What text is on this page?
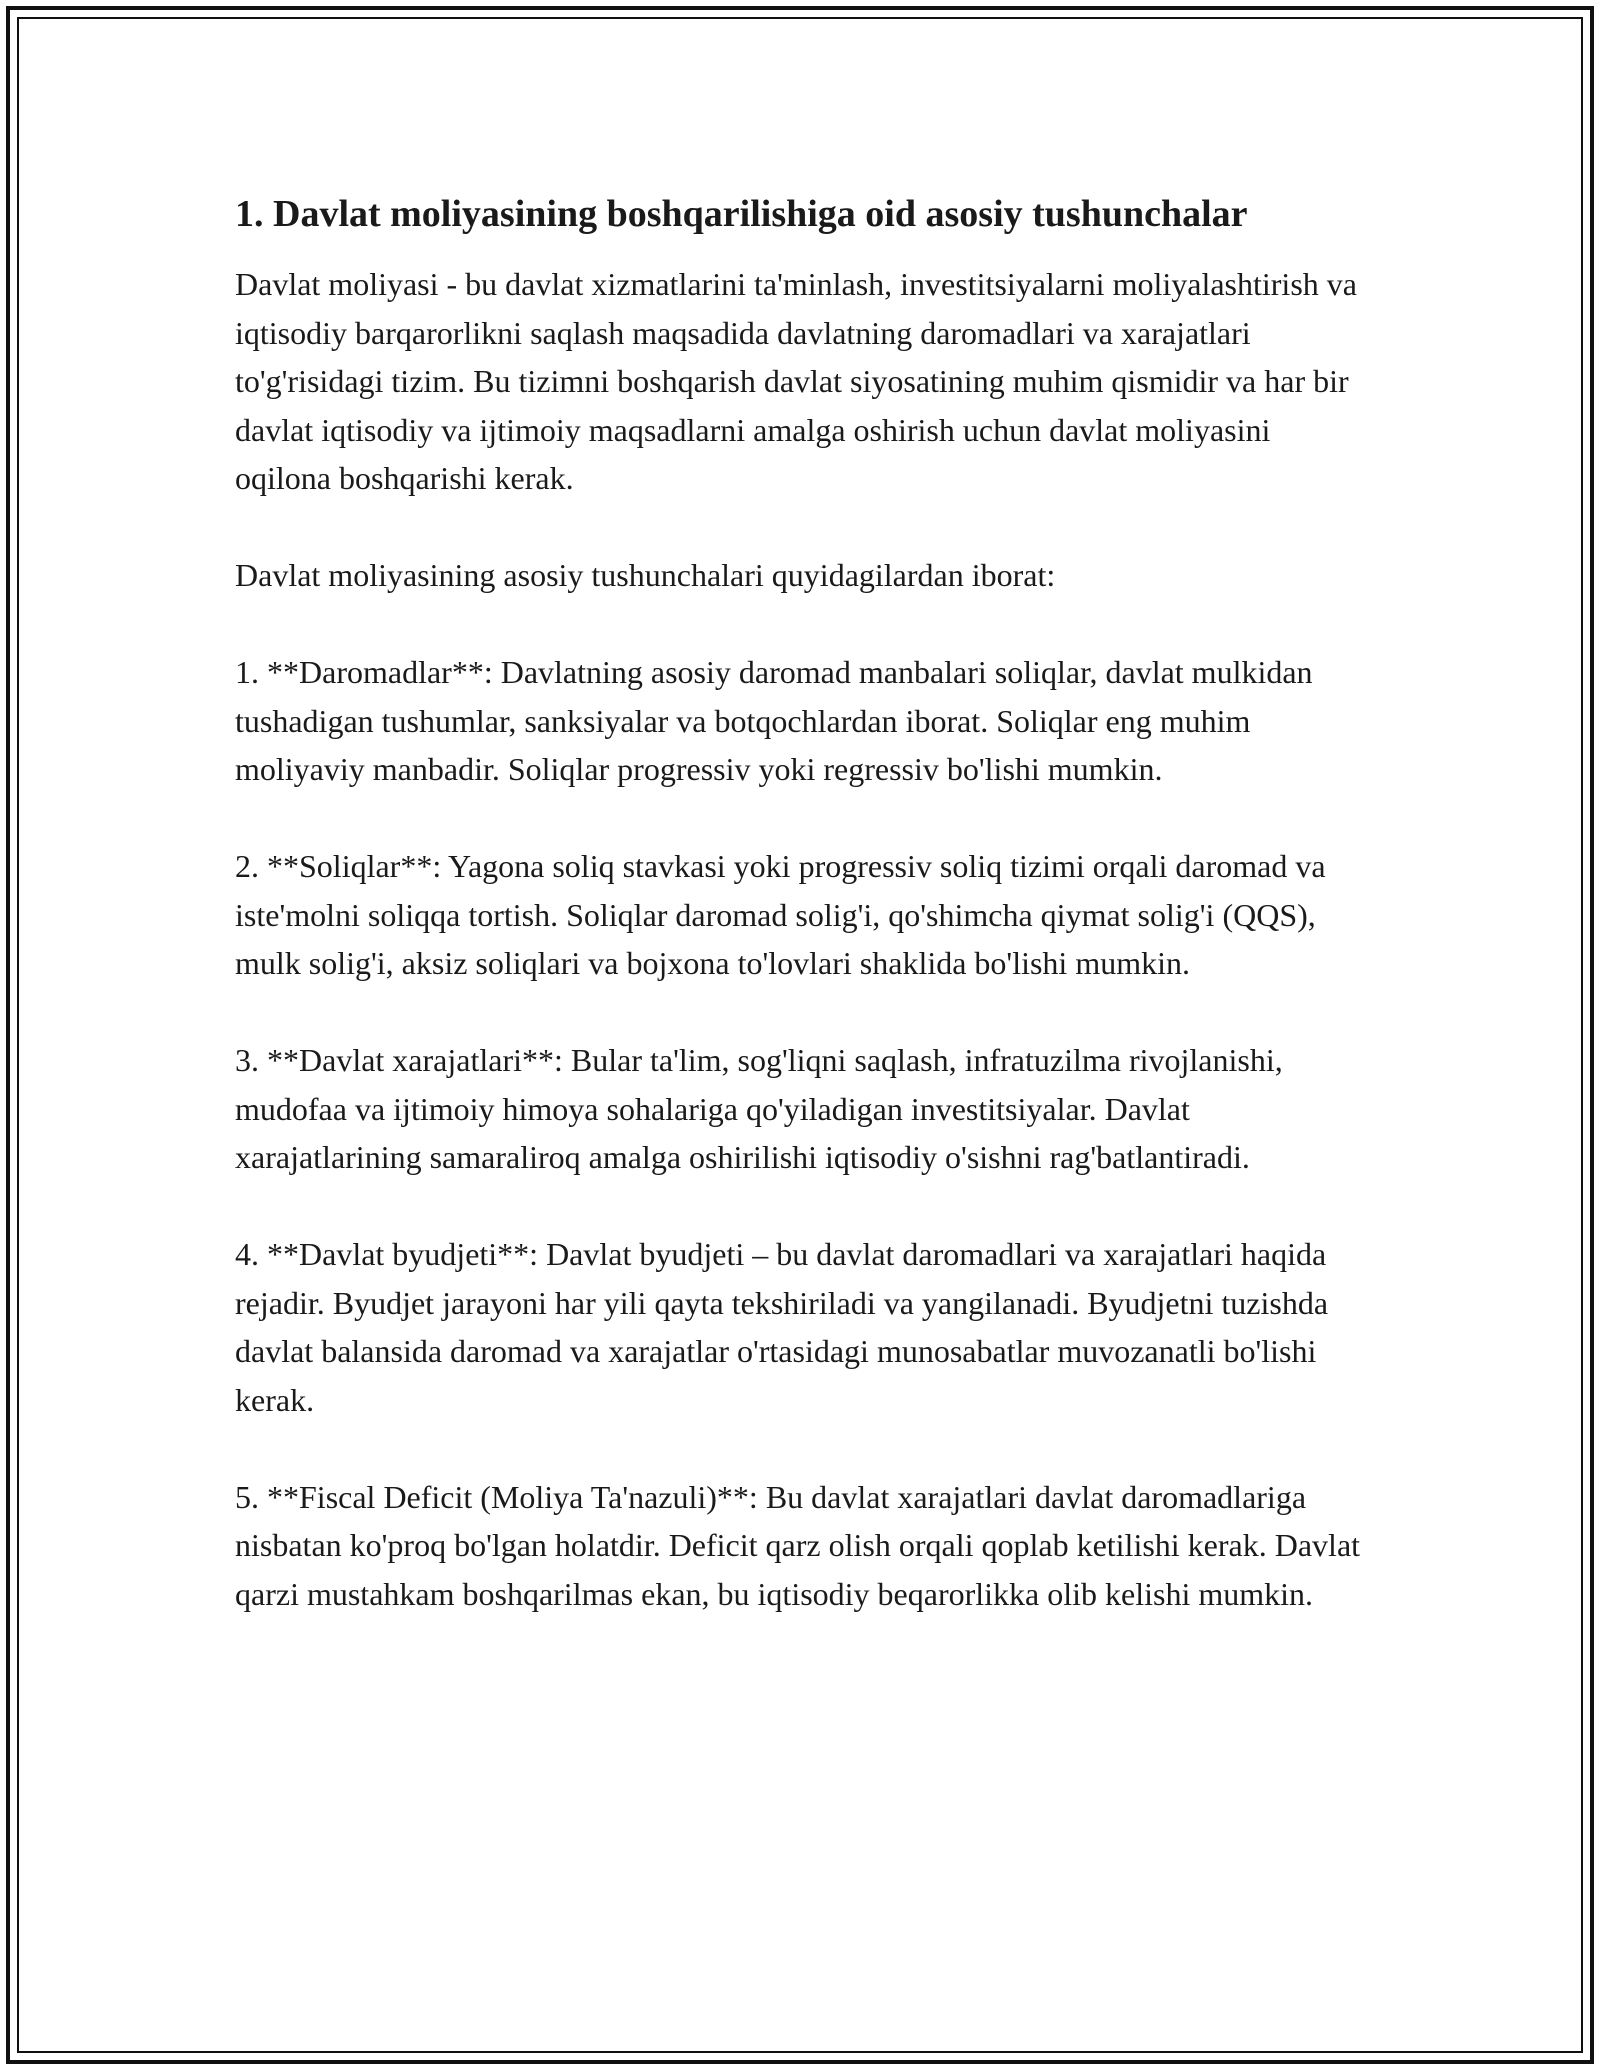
1. Davlat moliyasining boshqarilishiga oid asosiy tushunchalar

Davlat moliyasi - bu davlat xizmatlarini ta'minlash, investitsiyalarni moliyalashtirish va iqtisodiy barqarorlikni saqlash maqsadida davlatning daromadlari va xarajatlari to'g'risidagi tizim. Bu tizimni boshqarish davlat siyosatining muhim qismidir va har bir davlat iqtisodiy va ijtimoiy maqsadlarni amalga oshirish uchun davlat moliyasini oqilona boshqarishi kerak.

Davlat moliyasining asosiy tushunchalari quyidagilardan iborat:

1. **Daromadlar**: Davlatning asosiy daromad manbalari soliqlar, davlat mulkidan tushadigan tushumlar, sanksiyalar va botqochlardan iborat. Soliqlar eng muhim moliyaviy manbadir. Soliqlar progressiv yoki regressiv bo'lishi mumkin.

2. **Soliqlar**: Yagona soliq stavkasi yoki progressiv soliq tizimi orqali daromad va iste'molni soliqqa tortish. Soliqlar daromad solig'i, qo'shimcha qiymat solig'i (QQS), mulk solig'i, aksiz soliqlari va bojxona to'lovlari shaklida bo'lishi mumkin.

3. **Davlat xarajatlari**: Bular ta'lim, sog'liqni saqlash, infratuzilma rivojlanishi, mudofaa va ijtimoiy himoya sohalariga qo'yiladigan investitsiyalar. Davlat xarajatlarining samaraliroq amalga oshirilishi iqtisodiy o'sishni rag'batlantiradi.

4. **Davlat byudjeti**: Davlat byudjeti – bu davlat daromadlari va xarajatlari haqida rejadir. Byudjet jarayoni har yili qayta tekshiriladi va yangilanadi. Byudjetni tuzishda davlat balansida daromad va xarajatlar o'rtasidagi munosabatlar muvozanatli bo'lishi kerak.

5. **Fiscal Deficit (Moliya Ta'nazuli)**: Bu davlat xarajatlari davlat daromadlariga nisbatan ko'proq bo'lgan holatdir. Deficit qarz olish orqali qoplab ketilishi kerak. Davlat qarzi mustahkam boshqarilmas ekan, bu iqtisodiy beqarorlikka olib kelishi mumkin.
